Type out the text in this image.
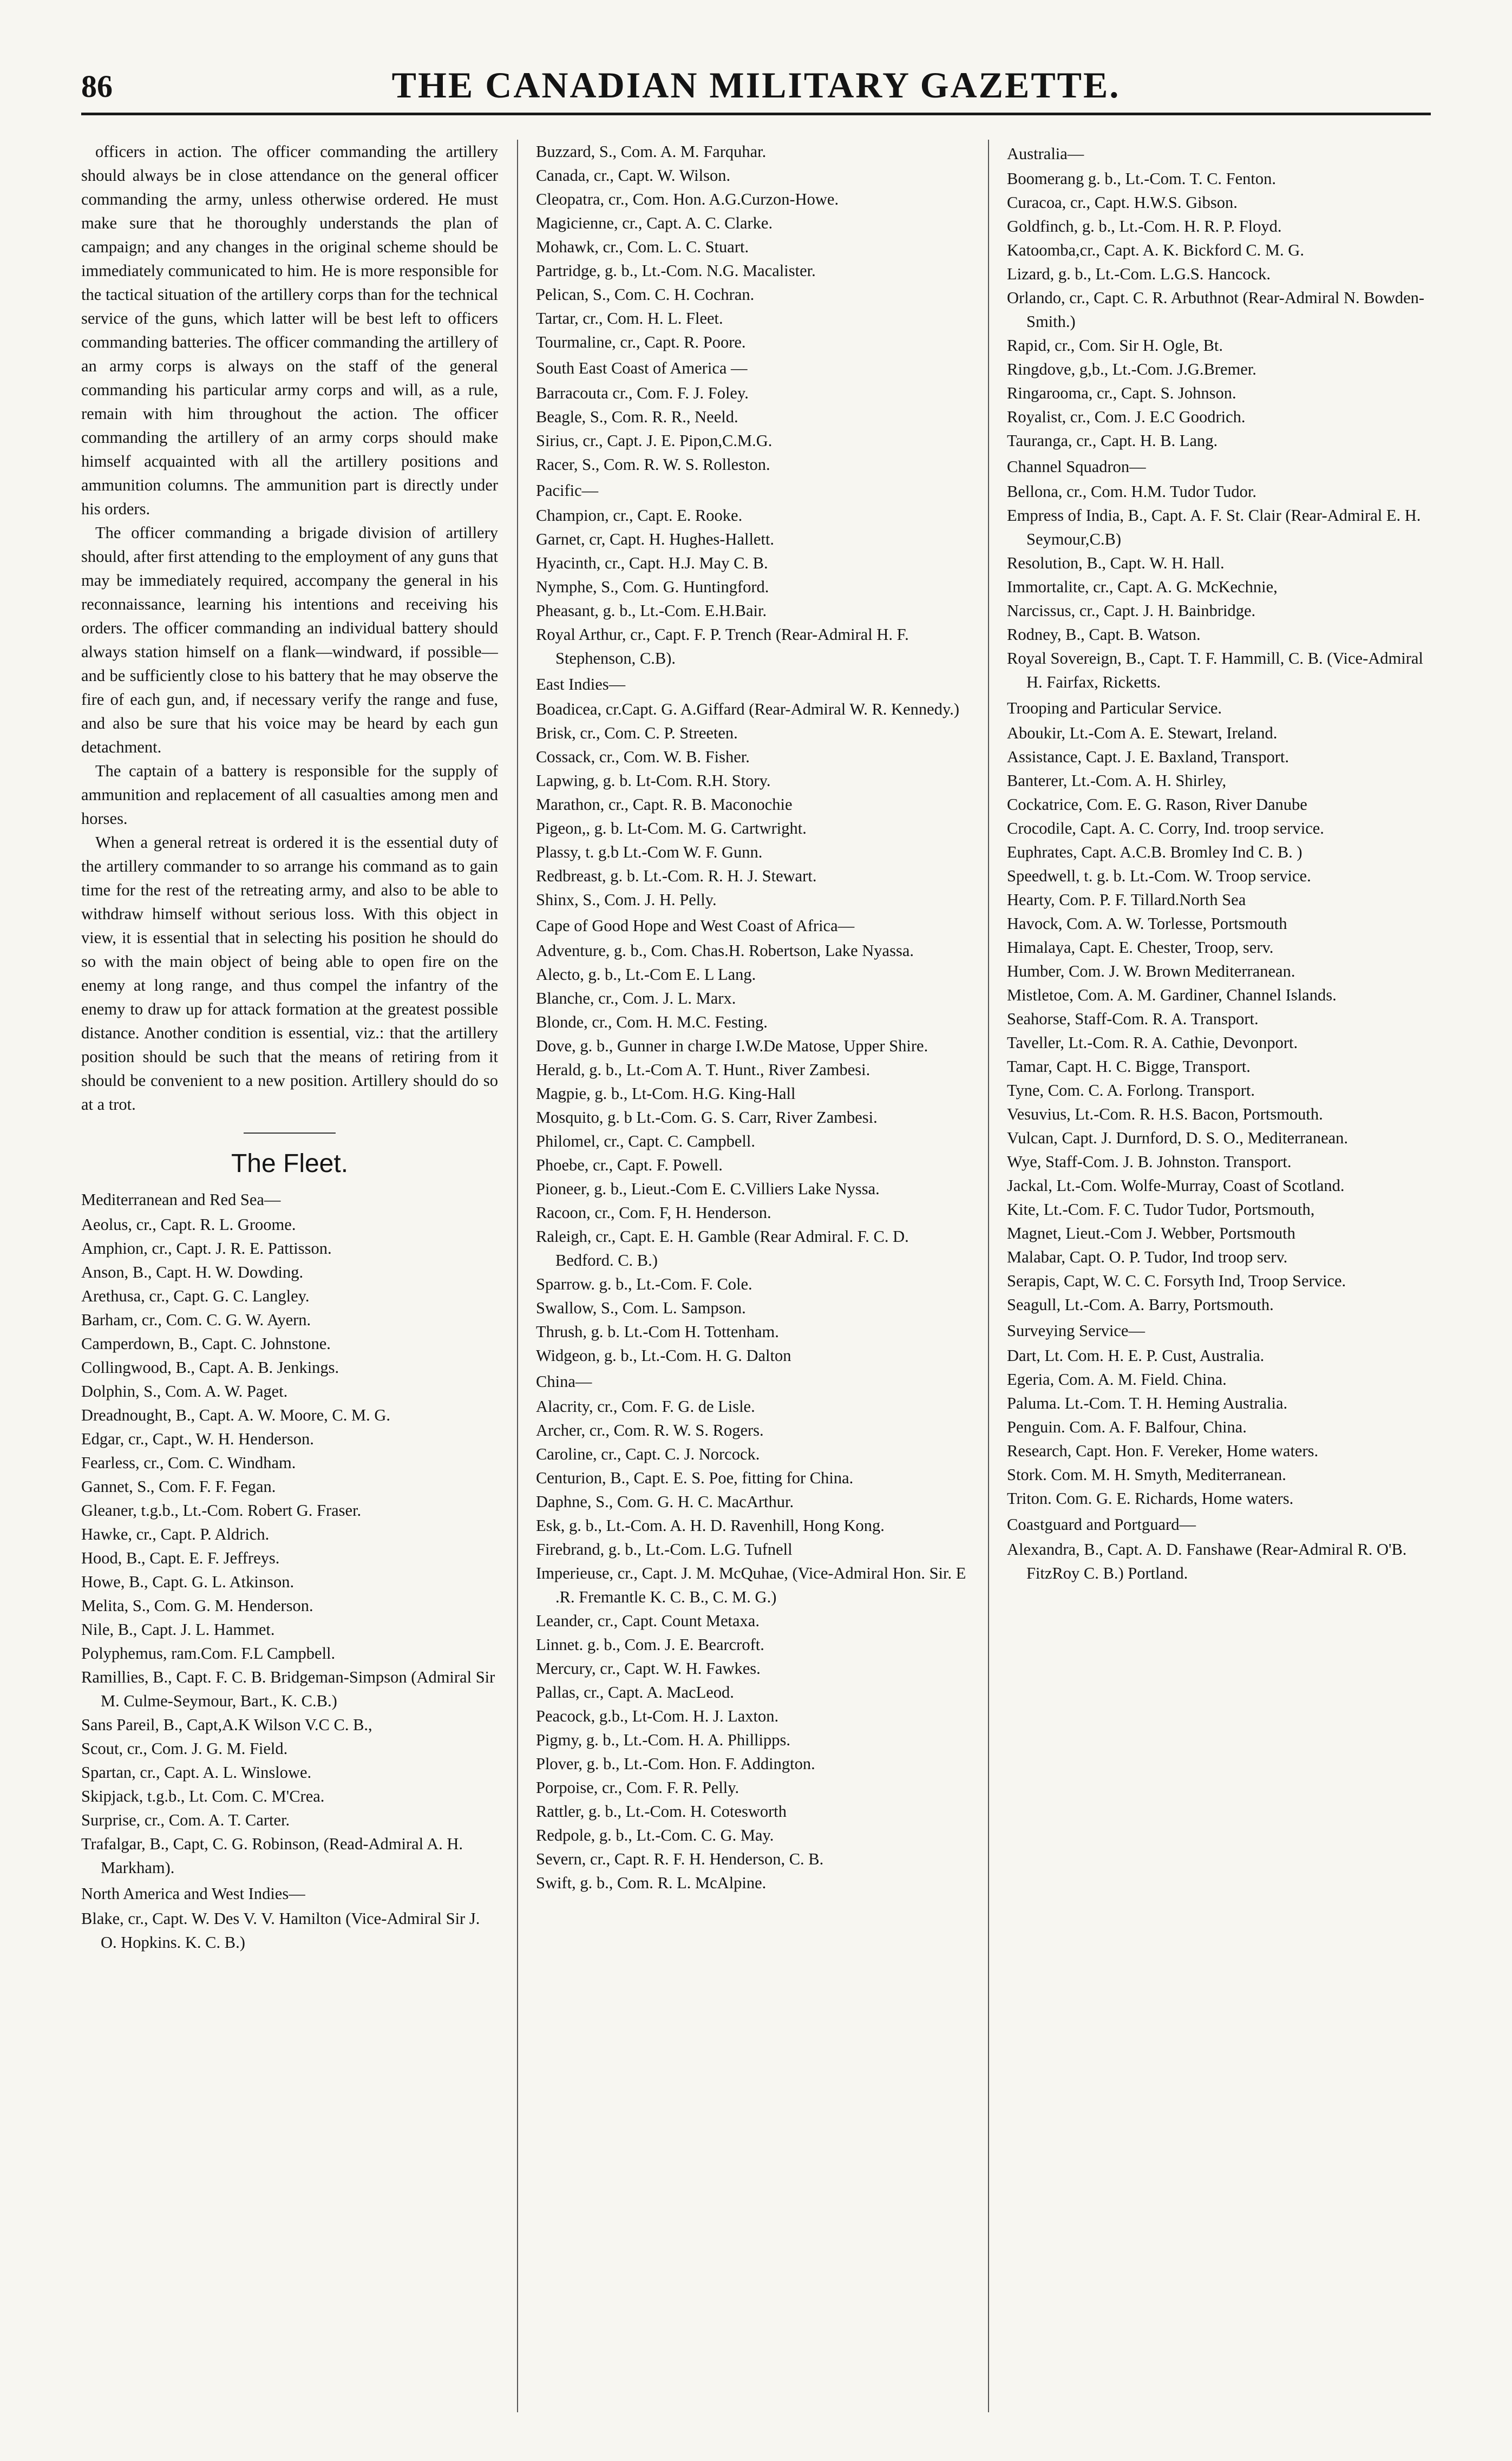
86	THE CANADIAN MILITARY GAZETTE.

officers in action. The officer commanding the artillery should always be in close attendance on the general officer commanding the army, unless otherwise ordered. He must make sure that he thoroughly understands the plan of campaign; and any changes in the original scheme should be immediately communicated to him. He is more responsible for the tactical situation of the artillery corps than for the technical service of the guns, which latter will be best left to officers commanding batteries. The officer commanding the artillery of an army corps is always on the staff of the general commanding his particular army corps and will, as a rule, remain with him throughout the action. The officer commanding the artillery of an army corps should make himself acquainted with all the artillery positions and ammunition columns. The ammunition part is directly under his orders.

The officer commanding a brigade division of artillery should, after first attending to the employment of any guns that may be immediately required, accompany the general in his reconnaissance, learning his intentions and receiving his orders. The officer commanding an individual battery should always station himself on a flank—windward, if possible—and be sufficiently close to his battery that he may observe the fire of each gun, and, if necessary verify the range and fuse, and also be sure that his voice may be heard by each gun detachment.

The captain of a battery is responsible for the supply of ammunition and replacement of all casualties among men and horses.

When a general retreat is ordered it is the essential duty of the artillery commander to so arrange his command as to gain time for the rest of the retreating army, and also to be able to withdraw himself without serious loss. With this object in view, it is essential that in selecting his position he should do so with the main object of being able to open fire on the enemy at long range, and thus compel the infantry of the enemy to draw up for attack formation at the greatest possible distance. Another condition is essential, viz.: that the artillery position should be such that the means of retiring from it should be convenient to a new position. Artillery should do so at a trot.

The Fleet.
Mediterranean and Red Sea—
Aeolus, cr., Capt. R. L. Groome.
Amphion, cr., Capt. J. R. E. Pattisson.
Anson, B., Capt. H. W. Dowding.
Arethusa, cr., Capt. G. C. Langley.
Barham, cr., Com. C. G. W. Ayern.
Camperdown, B., Capt. C. Johnstone.
Collingwood, B., Capt. A. B. Jenkings.
Dolphin, S., Com. A. W. Paget.
Dreadnought, B., Capt. A. W. Moore, C. M. G.
Edgar, cr., Capt., W. H. Henderson.
Fearless, cr., Com. C. Windham.
Gannet, S., Com. F. F. Fegan.
Gleaner, t.g.b., Lt.-Com. Robert G. Fraser.
Hawke, cr., Capt. P. Aldrich.
Hood, B., Capt. E. F. Jeffreys.
Howe, B., Capt. G. L. Atkinson.
Melita, S., Com. G. M. Henderson.
Nile, B., Capt. J. L. Hammet.
Polyphemus, ram.Com. F.L Campbell.
Ramillies, B., Capt. F. C. B. Bridgeman-Simpson (Admiral Sir M. Culme-Seymour, Bart., K. C.B.)
Sans Pareil, B., Capt,A.K Wilson V.C C. B.,
Scout, cr., Com. J. G. M. Field.
Spartan, cr., Capt. A. L. Winslowe.
Skipjack, t.g.b., Lt. Com. C. M'Crea.
Surprise, cr., Com. A. T. Carter.
Trafalgar, B., Capt, C. G. Robinson, (Read-Admiral A. H. Markham).
North America and West Indies—
Blake, cr., Capt. W. Des V. V. Hamilton (Vice-Admiral Sir J. O. Hopkins. K. C. B.)
Buzzard, S., Com. A. M. Farquhar.
Canada, cr., Capt. W. Wilson.
Cleopatra, cr., Com. Hon. A.G.Curzon-Howe.
Magicienne, cr., Capt. A. C. Clarke.
Mohawk, cr., Com. L. C. Stuart.
Partridge, g. b., Lt.-Com. N.G. Macalister.
Pelican, S., Com. C. H. Cochran.
Tartar, cr., Com. H. L. Fleet.
Tourmaline, cr., Capt. R. Poore.
South East Coast of America —
Barracouta cr., Com. F. J. Foley.
Beagle, S., Com. R. R., Neeld.
Sirius, cr., Capt. J. E. Pipon,C.M.G.
Racer, S., Com. R. W. S. Rolleston.
Pacific—
Champion, cr., Capt. E. Rooke.
Garnet, cr, Capt. H. Hughes-Hallett.
Hyacinth, cr., Capt. H.J. May C. B.
Nymphe, S., Com. G. Huntingford.
Pheasant, g. b., Lt.-Com. E.H.Bair.
Royal Arthur, cr., Capt. F. P. Trench (Rear-Admiral H. F. Stephenson, C.B).
East Indies—
Boadicea, cr.Capt. G. A.Giffard (Rear-Admiral W. R. Kennedy.)
Brisk, cr., Com. C. P. Streeten.
Cossack, cr., Com. W. B. Fisher.
Lapwing, g. b. Lt-Com. R.H. Story.
Marathon, cr., Capt. R. B. Maconochie
Pigeon,, g. b. Lt-Com. M. G. Cartwright.
Plassy, t. g.b Lt.-Com W. F. Gunn.
Redbreast, g. b. Lt.-Com. R. H. J. Stewart.
Shinx, S., Com. J. H. Pelly.
Cape of Good Hope and West Coast of Africa—
Adventure, g. b., Com. Chas.H. Robertson, Lake Nyassa.
Alecto, g. b., Lt.-Com E. L Lang.
Blanche, cr., Com. J. L. Marx.
Blonde, cr., Com. H. M.C. Festing.
Dove, g. b., Gunner in charge I.W.De Matose, Upper Shire.
Herald, g. b., Lt.-Com A. T. Hunt., River Zambesi.
Magpie, g. b., Lt-Com. H.G. King-Hall
Mosquito, g. b Lt.-Com. G. S. Carr, River Zambesi.
Philomel, cr., Capt. C. Campbell.
Phoebe, cr., Capt. F. Powell.
Pioneer, g. b., Lieut.-Com E. C.Villiers Lake Nyssa.
Racoon, cr., Com. F, H. Henderson.
Raleigh, cr., Capt. E. H. Gamble (Rear Admiral. F. C. D. Bedford. C. B.)
Sparrow. g. b., Lt.-Com. F. Cole.
Swallow, S., Com. L. Sampson.
Thrush, g. b. Lt.-Com H. Tottenham.
Widgeon, g. b., Lt.-Com. H. G. Dalton
China—
Alacrity, cr., Com. F. G. de Lisle.
Archer, cr., Com. R. W. S. Rogers.
Caroline, cr., Capt. C. J. Norcock.
Centurion, B., Capt. E. S. Poe, fitting for China.
Daphne, S., Com. G. H. C. MacArthur.
Esk, g. b., Lt.-Com. A. H. D. Ravenhill, Hong Kong.
Firebrand, g. b., Lt.-Com. L.G. Tufnell
Imperieuse, cr., Capt. J. M. McQuhae, (Vice-Admiral Hon. Sir. E .R. Fremantle K. C. B., C. M. G.)
Leander, cr., Capt. Count Metaxa.
Linnet. g. b., Com. J. E. Bearcroft.
Mercury, cr., Capt. W. H. Fawkes.
Pallas, cr., Capt. A. MacLeod.
Peacock, g.b., Lt-Com. H. J. Laxton.
Pigmy, g. b., Lt.-Com. H. A. Phillipps.
Plover, g. b., Lt.-Com. Hon. F. Addington.
Porpoise, cr., Com. F. R. Pelly.
Rattler, g. b., Lt.-Com. H. Cotesworth
Redpole, g. b., Lt.-Com. C. G. May.
Severn, cr., Capt. R. F. H. Henderson, C. B.
Swift, g. b., Com. R. L. McAlpine.
Australia—
Boomerang g. b., Lt.-Com. T. C. Fenton.
Curacoa, cr., Capt. H.W.S. Gibson.
Goldfinch, g. b., Lt.-Com. H. R. P. Floyd.
Katoomba,cr., Capt. A. K. Bickford C. M. G.
Lizard, g. b., Lt.-Com. L.G.S. Hancock.
Orlando, cr., Capt. C. R. Arbuthnot (Rear-Admiral N. Bowden-Smith.)
Rapid, cr., Com. Sir H. Ogle, Bt.
Ringdove, g,b., Lt.-Com. J.G.Bremer.
Ringarooma, cr., Capt. S. Johnson.
Royalist, cr., Com. J. E.C Goodrich.
Tauranga, cr., Capt. H. B. Lang.
Channel Squadron—
Bellona, cr., Com. H.M. Tudor Tudor.
Empress of India, B., Capt. A. F. St. Clair (Rear-Admiral E. H. Seymour,C.B)
Resolution, B., Capt. W. H. Hall.
Immortalite, cr., Capt. A. G. McKechnie,
Narcissus, cr., Capt. J. H. Bainbridge.
Rodney, B., Capt. B. Watson.
Royal Sovereign, B., Capt. T. F. Hammill, C. B. (Vice-Admiral H. Fairfax, Ricketts.
Trooping and Particular Service.
Aboukir, Lt.-Com A. E. Stewart, Ireland.
Assistance, Capt. J. E. Baxland, Transport.
Banterer, Lt.-Com. A. H. Shirley,
Cockatrice, Com. E. G. Rason, River Danube
Crocodile, Capt. A. C. Corry, Ind. troop service.
Euphrates, Capt. A.C.B. Bromley Ind C. B. )
Speedwell, t. g. b. Lt.-Com. W. Troop service.
Hearty, Com. P. F. Tillard.North Sea
Havock, Com. A. W. Torlesse, Portsmouth
Himalaya, Capt. E. Chester, Troop, serv.
Humber, Com. J. W. Brown Mediterranean.
Mistletoe, Com. A. M. Gardiner, Channel Islands.
Seahorse, Staff-Com. R. A. Transport.
Taveller, Lt.-Com. R. A. Cathie, Devonport.
Tamar, Capt. H. C. Bigge, Transport.
Tyne, Com. C. A. Forlong. Transport.
Vesuvius, Lt.-Com. R. H.S. Bacon, Portsmouth.
Vulcan, Capt. J. Durnford, D. S. O., Mediterranean.
Wye, Staff-Com. J. B. Johnston. Transport.
Jackal, Lt.-Com. Wolfe-Murray, Coast of Scotland.
Kite, Lt.-Com. F. C. Tudor Tudor, Portsmouth,
Magnet, Lieut.-Com J. Webber, Portsmouth
Malabar, Capt. O. P. Tudor, Ind troop serv.
Serapis, Capt, W. C. C. Forsyth Ind, Troop Service.
Seagull, Lt.-Com. A. Barry, Portsmouth.
Surveying Service—
Dart, Lt. Com. H. E. P. Cust, Australia.
Egeria, Com. A. M. Field. China.
Paluma. Lt.-Com. T. H. Heming Australia.
Penguin. Com. A. F. Balfour, China.
Research, Capt. Hon. F. Vereker, Home waters.
Stork. Com. M. H. Smyth, Mediterranean.
Triton. Com. G. E. Richards, Home waters.
Coastguard and Portguard—
Alexandra, B., Capt. A. D. Fanshawe (Rear-Admiral R. O'B. FitzRoy C. B.) Portland.
